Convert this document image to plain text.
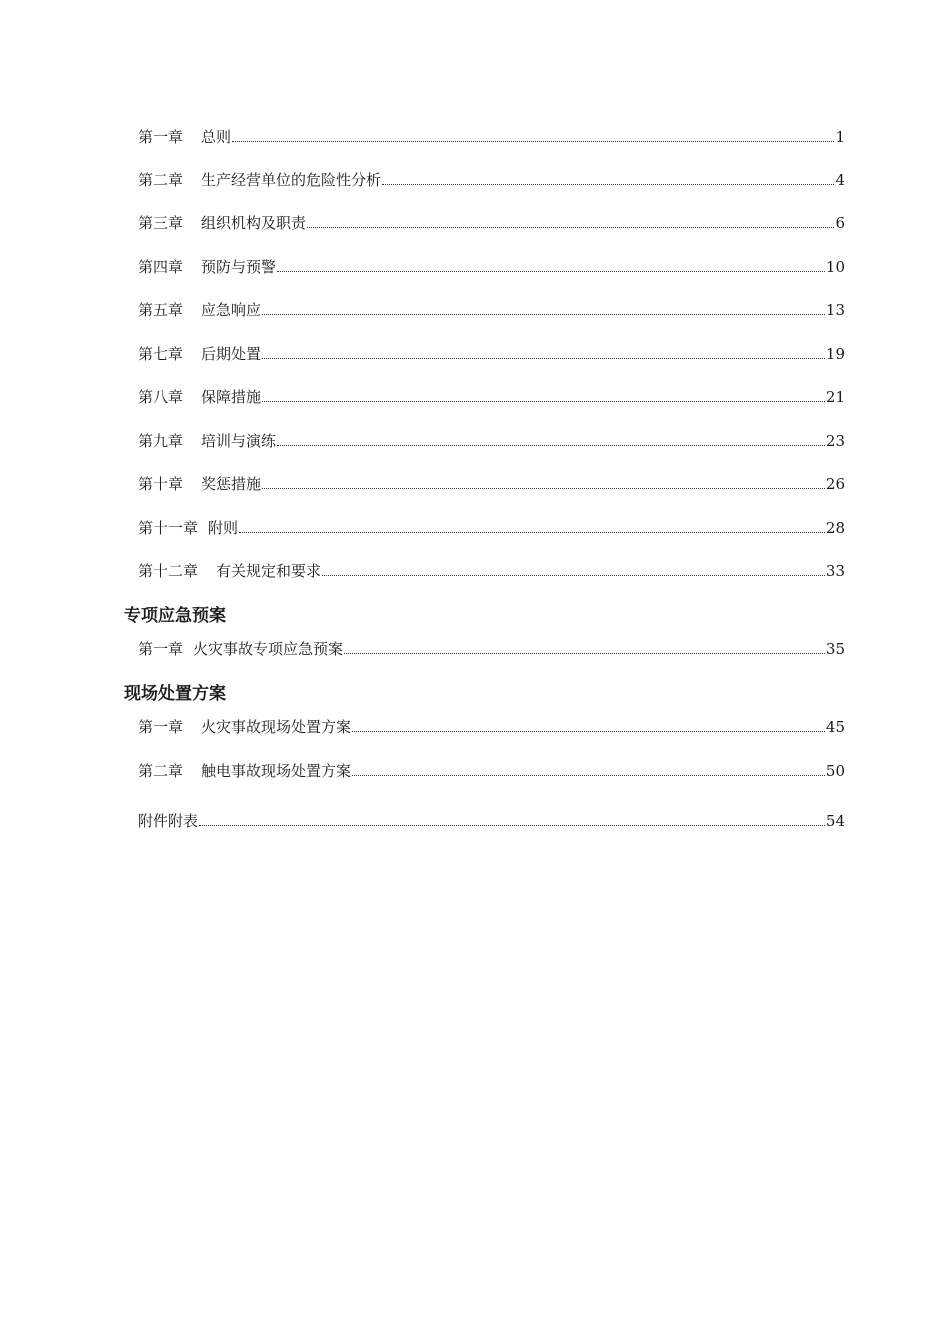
第一章 总则	1
第二章 生产经营单位的危险性分析	4
第三章 组织机构及职责	6
第四章 预防与预警	10
第五章 应急响应	13
第七章 后期处置	19
第八章 保障措施	21
第九章 培训与演练	23
第十章 奖惩措施	26
第十一章 附则	28
第十二章 有关规定和要求	33
专项应急预案
第一章 火灾事故专项应急预案	35
现场处置方案
第一章 火灾事故现场处置方案	45
第二章 触电事故现场处置方案	50
附件附表	54
